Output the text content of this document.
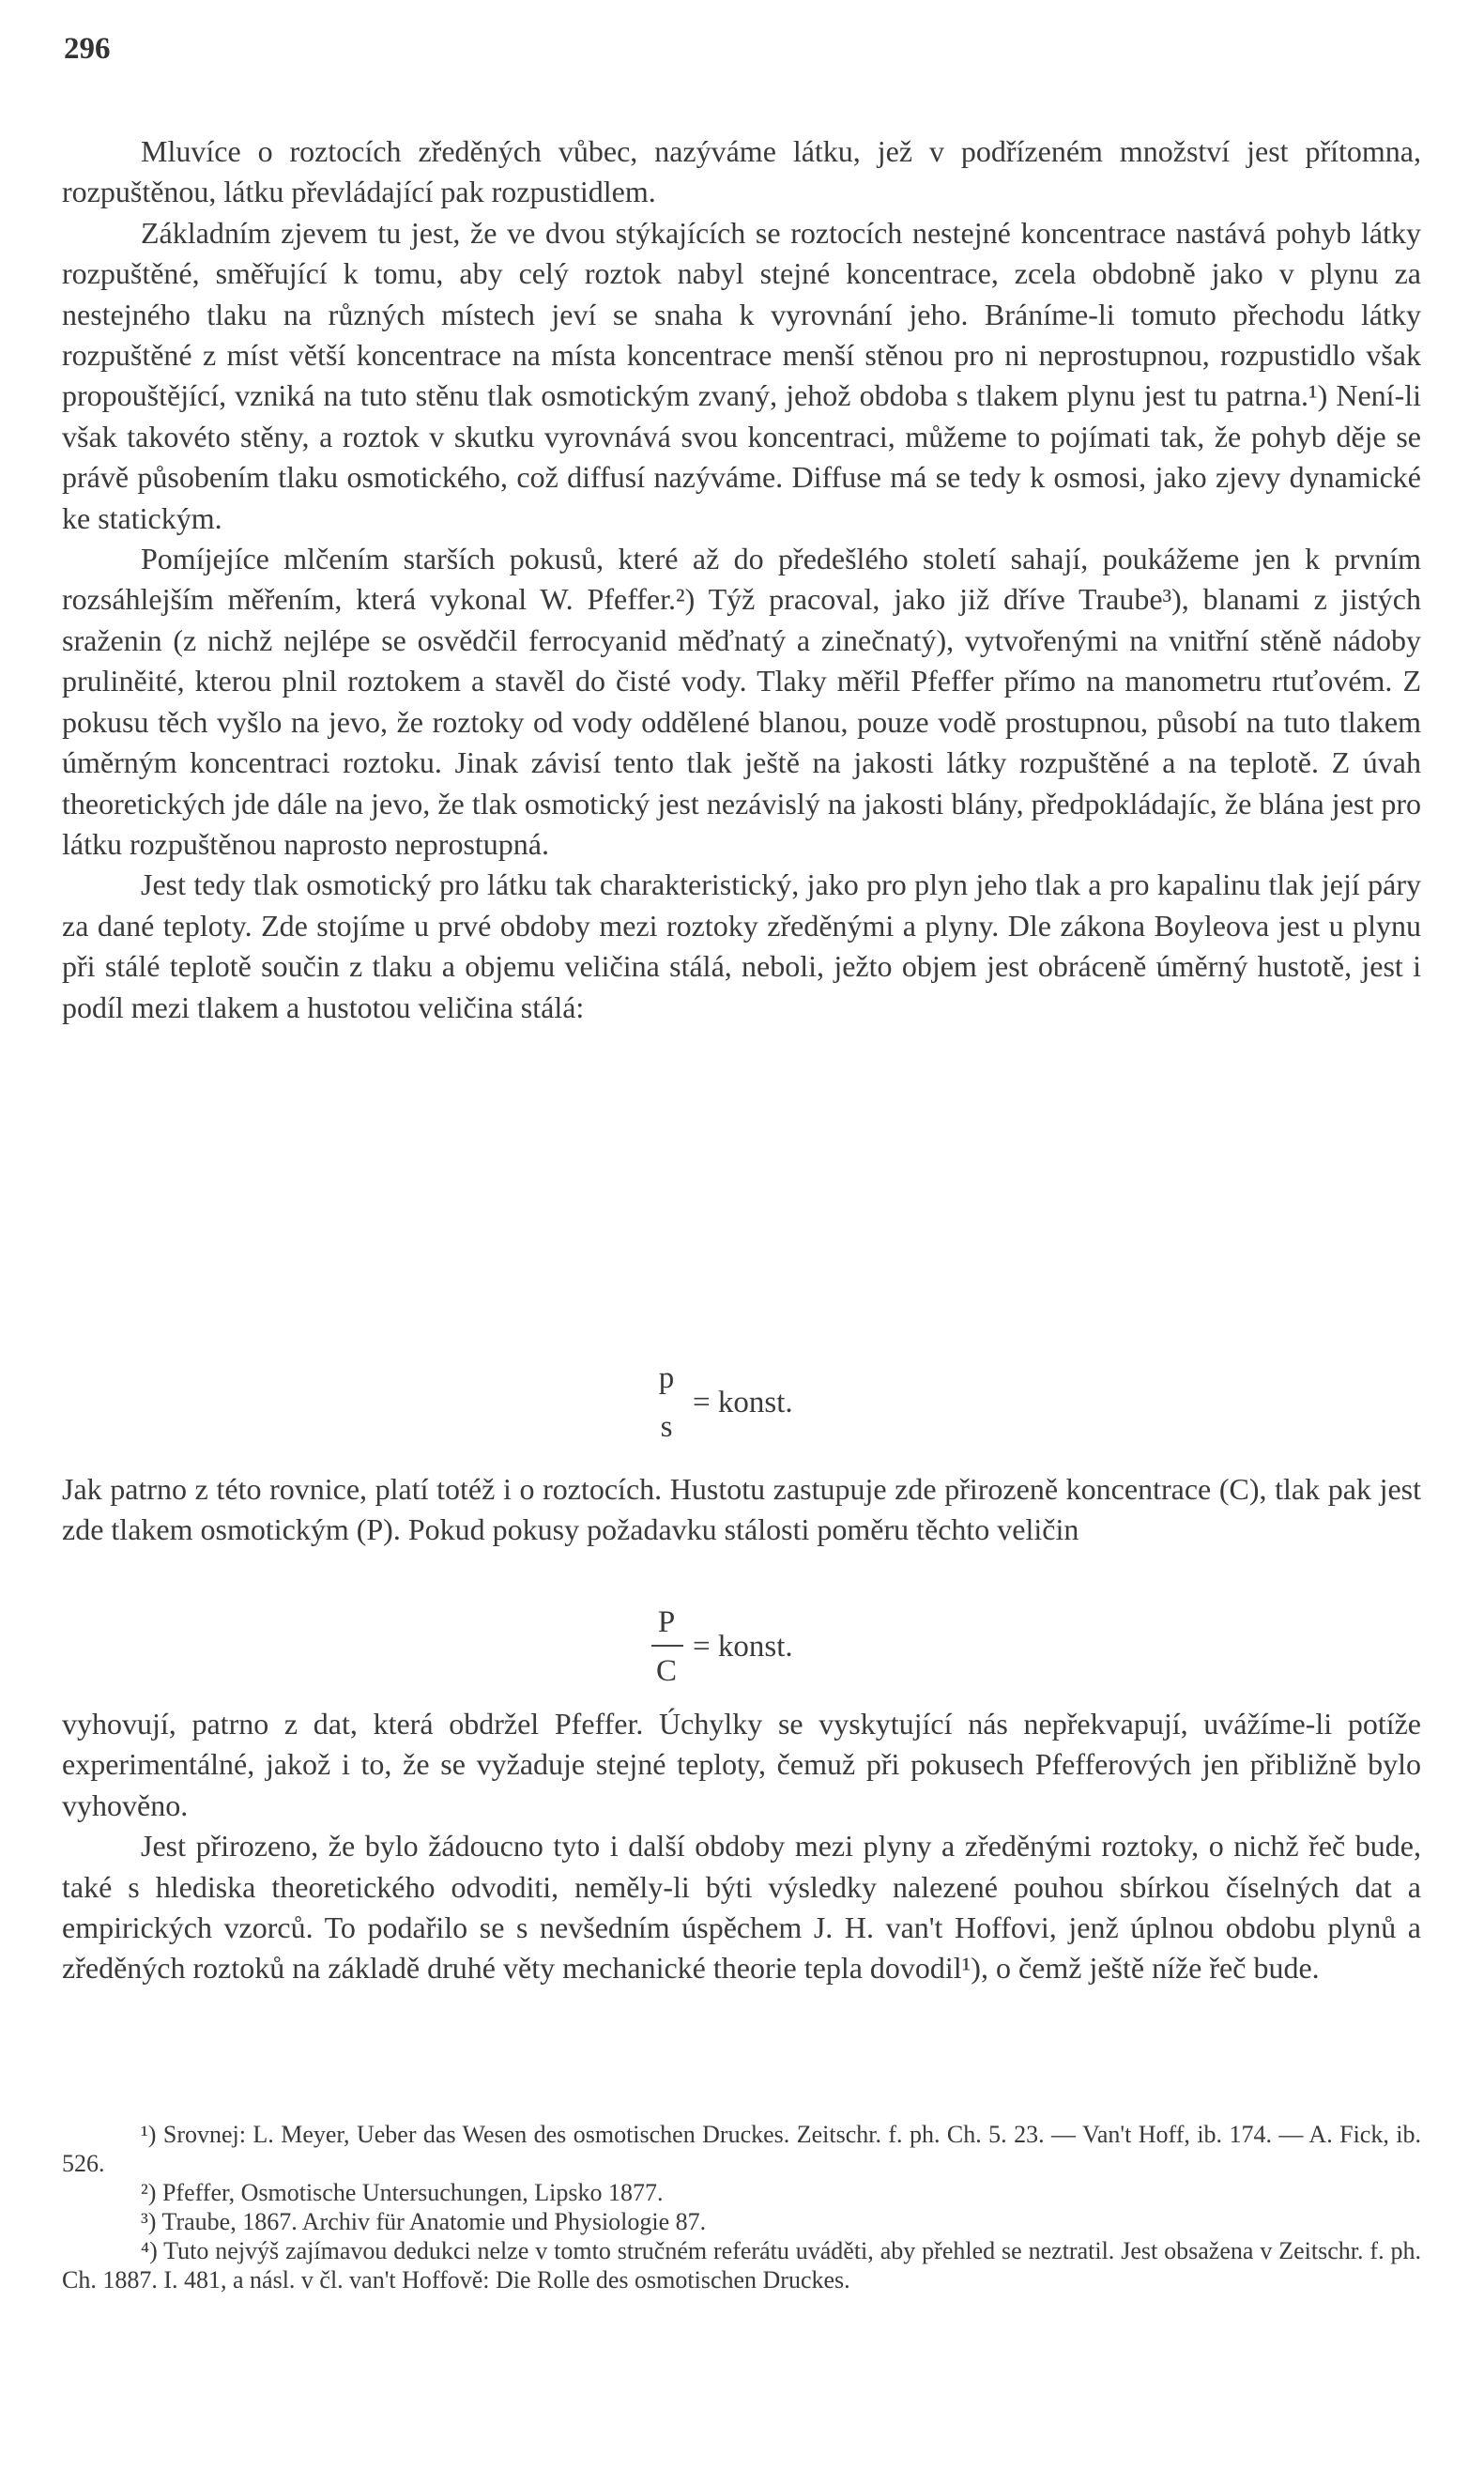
296

Mluvíce o roztocích zředěných vůbec, nazýváme látku, jež v podřízeném množství jest přítomna, rozpuštěnou, látku převládající pak rozpustidlem.

Základním zjevem tu jest, že ve dvou stýkajících se roztocích nestejné koncentrace nastává pohyb látky rozpuštěné, směřující k tomu, aby celý roztok nabyl stejné koncentrace, zcela obdobně jako v plynu za nestejného tlaku na různých místech jeví se snaha k vyrovnání jeho. Bráníme-li tomuto přechodu látky rozpuštěné z míst větší koncentrace na místa koncentrace menší stěnou pro ni neprostupnou, rozpustidlo však propouštějící, vzniká na tuto stěnu tlak osmotickým zvaný, jehož obdoba s tlakem plynu jest tu patrna.¹) Není-li však takovéto stěny, a roztok v skutku vyrovnává svou koncentraci, můžeme to pojímati tak, že pohyb děje se právě působením tlaku osmotického, což diffusí nazýváme. Diffuse má se tedy k osmosi, jako zjevy dynamické ke statickým.

Pomíjejíce mlčením starších pokusů, které až do předešlého století sahají, poukážeme jen k prvním rozsáhlejším měřením, která vykonal W. Pfeffer.²) Týž pracoval, jako již dříve Traube³), blanami z jistých sraženin (z nichž nejlépe se osvědčil ferrocyanid měďnatý a zinečnatý), vytvořenými na vnitřní stěně nádoby pruliněité, kterou plnil roztokem a stavěl do čisté vody. Tlaky měřil Pfeffer přímo na manometru rtuťovém. Z pokusu těch vyšlo na jevo, že roztoky od vody oddělené blanou, pouze vodě prostupnou, působí na tuto tlakem úměrným koncentraci roztoku. Jinak závisí tento tlak ještě na jakosti látky rozpuštěné a na teplotě. Z úvah theoretických jde dále na jevo, že tlak osmotický jest nezávislý na jakosti blány, předpokládajíc, že blána jest pro látku rozpuštěnou naprosto neprostupná.

Jest tedy tlak osmotický pro látku tak charakteristický, jako pro plyn jeho tlak a pro kapalinu tlak její páry za dané teploty. Zde stojíme u prvé obdoby mezi roztoky zředěnými a plyny. Dle zákona Boyleova jest u plynu při stálé teplotě součin z tlaku a objemu veličina stálá, neboli, ježto objem jest obráceně úměrný hustotě, jest i podíl mezi tlakem a hustotou veličina stálá:

p
s
= konst.

Jak patrno z této rovnice, platí totéž i o roztocích. Hustotu zastupuje zde přirozeně koncentrace (C), tlak pak jest zde tlakem osmotickým (P). Pokud pokusy požadavku stálosti poměru těchto veličin

P
C
= konst.

vyhovují, patrno z dat, která obdržel Pfeffer. Úchylky se vyskytující nás nepřekvapují, uvážíme-li potíže experimentálné, jakož i to, že se vyžaduje stejné teploty, čemuž při pokusech Pfefferových jen přibližně bylo vyhověno.

Jest přirozeno, že bylo žádoucno tyto i další obdoby mezi plyny a zředěnými roztoky, o nichž řeč bude, také s hlediska theoretického odvoditi, neměly-li býti výsledky nalezené pouhou sbírkou číselných dat a empirických vzorců. To podařilo se s nevšedním úspěchem J. H. van't Hoffovi, jenž úplnou obdobu plynů a zředěných roztoků na základě druhé věty mechanické theorie tepla dovodil¹), o čemž ještě níže řeč bude.

¹) Srovnej: L. Meyer, Ueber das Wesen des osmotischen Druckes. Zeitschr. f. ph. Ch. 5. 23. — Van't Hoff, ib. 174. — A. Fick, ib. 526.

²) Pfeffer, Osmotische Untersuchungen, Lipsko 1877.

³) Traube, 1867. Archiv für Anatomie und Physiologie 87.

⁴) Tuto nejvýš zajímavou dedukci nelze v tomto stručném referátu uváděti, aby přehled se neztratil. Jest obsažena v Zeitschr. f. ph. Ch. 1887. I. 481, a násl. v čl. van't Hoffově: Die Rolle des osmotischen Druckes.
